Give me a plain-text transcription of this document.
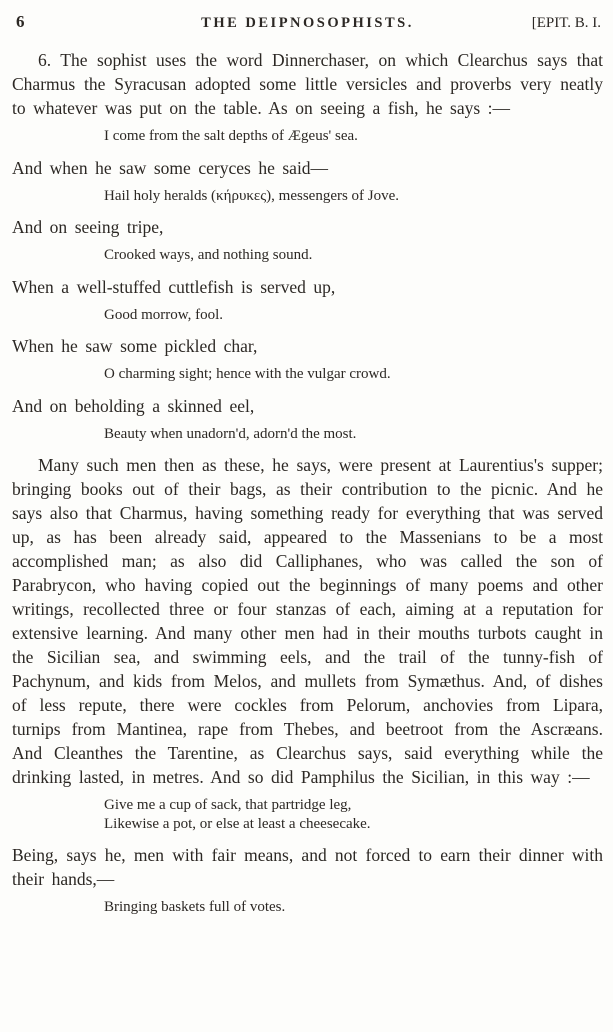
6	THE DEIPNOSOPHISTS.	[EPIT. B. I.

6. The sophist uses the word Dinnerchaser, on which Clearchus says that Charmus the Syracusan adopted some little versicles and proverbs very neatly to whatever was put on the table. As on seeing a fish, he says :—

I come from the salt depths of Ægeus' sea.

And when he saw some ceryces he said—

Hail holy heralds (κήρυκες), messengers of Jove.

And on seeing tripe,

Crooked ways, and nothing sound.

When a well-stuffed cuttlefish is served up,

Good morrow, fool.

When he saw some pickled char,

O charming sight; hence with the vulgar crowd.

And on beholding a skinned eel,

Beauty when unadorn'd, adorn'd the most.

Many such men then as these, he says, were present at Laurentius's supper; bringing books out of their bags, as their contribution to the picnic. And he says also that Charmus, having something ready for everything that was served up, as has been already said, appeared to the Massenians to be a most accomplished man; as also did Calliphanes, who was called the son of Parabrycon, who having copied out the beginnings of many poems and other writings, recollected three or four stanzas of each, aiming at a reputation for extensive learning. And many other men had in their mouths turbots caught in the Sicilian sea, and swimming eels, and the trail of the tunny-fish of Pachynum, and kids from Melos, and mullets from Symæthus. And, of dishes of less repute, there were cockles from Pelorum, anchovies from Lipara, turnips from Mantinea, rape from Thebes, and beetroot from the Ascræans. And Cleanthes the Tarentine, as Clearchus says, said everything while the drinking lasted, in metres. And so did Pamphilus the Sicilian, in this way :—

Give me a cup of sack, that partridge leg,

Likewise a pot, or else at least a cheesecake.

Being, says he, men with fair means, and not forced to earn their dinner with their hands,—

Bringing baskets full of votes.
